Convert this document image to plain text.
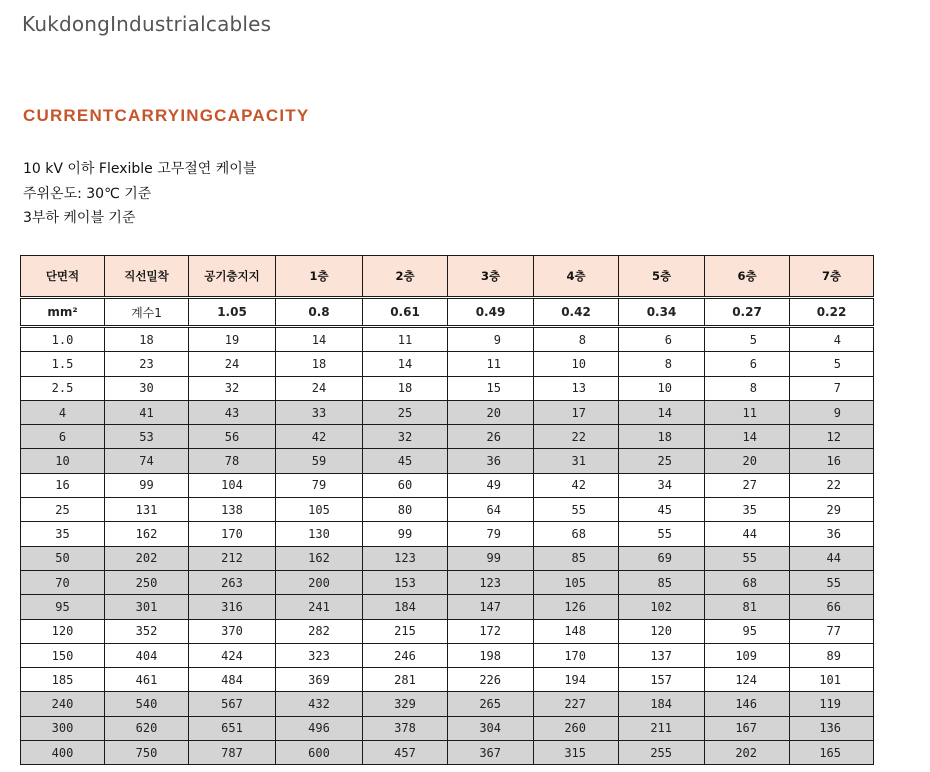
KukdongIndustrialcables
CURRENTCARRYINGCAPACITY
10 kV 이하 Flexible 고무절연 케이블
주위온도: 30℃ 기준
3부하 케이블 기준
단면적	직선밀착	공기층지지	1층	2층	3층	4층	5층	6층	7층
mm²	계수1	1.05	0.8	0.61	0.49	0.42	0.34	0.27	0.22
1.0	18	19	14	11	9	8	6	5	4
1.5	23	24	18	14	11	10	8	6	5
2.5	30	32	24	18	15	13	10	8	7
4	41	43	33	25	20	17	14	11	9
6	53	56	42	32	26	22	18	14	12
10	74	78	59	45	36	31	25	20	16
16	99	104	79	60	49	42	34	27	22
25	131	138	105	80	64	55	45	35	29
35	162	170	130	99	79	68	55	44	36
50	202	212	162	123	99	85	69	55	44
70	250	263	200	153	123	105	85	68	55
95	301	316	241	184	147	126	102	81	66
120	352	370	282	215	172	148	120	95	77
150	404	424	323	246	198	170	137	109	89
185	461	484	369	281	226	194	157	124	101
240	540	567	432	329	265	227	184	146	119
300	620	651	496	378	304	260	211	167	136
400	750	787	600	457	367	315	255	202	165
